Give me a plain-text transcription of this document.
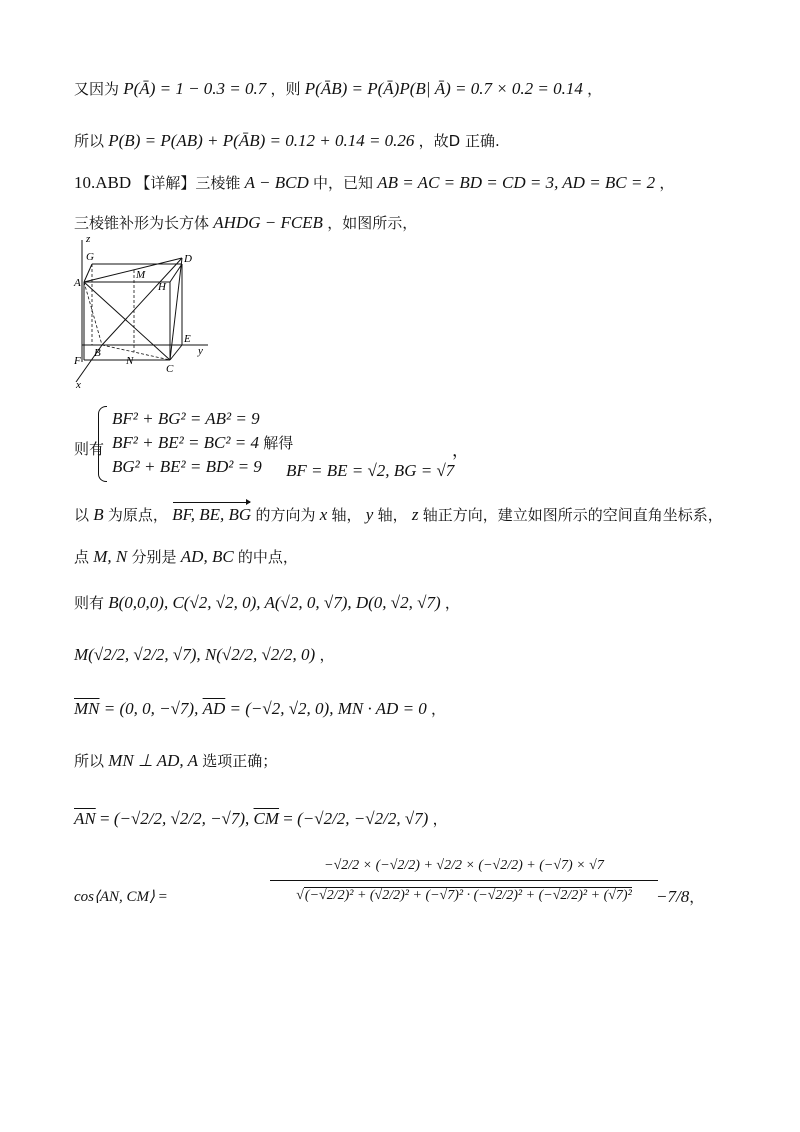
又因为 P(Ā) = 1 − 0.3 = 0.7 ，则 P(ĀB) = P(Ā)P(B| Ā) = 0.7 × 0.2 = 0.14 ，
所以 P(B) = P(AB) + P(ĀB) = 0.12 + 0.14 = 0.26 ，故D 正确.
10.ABD 【详解】三棱锥 A − BCD 中，已知 AB = AC = BD = CD = 3, AD = BC = 2 ，
三棱锥补形为长方体 AHDG − FCEB ，如图所示，
z
G
M
D
A	H
E
y
F
B
N
C
x
则有
BF² + BG² = AB² = 9
BF² + BE² = BC² = 4 解得
BG² + BE² = BD² = 9 BF = BE = √2, BG = √7
，
以 B 为原点， BF, BE, BG 的方向为 x 轴， y 轴， z 轴正方向，建立如图所示的空间直角坐标系，
点 M, N 分别是 AD, BC 的中点，
则有 B(0,0,0), C(√2, √2, 0), A(√2, 0, √7), D(0, √2, √7) ，
M(√2/2, √2/2, √7), N(√2/2, √2/2, 0) ，
$\overline{MN} = (0$, 0, −√7), $\overline{AD} = (-√2$, √2, 0), MN · AD = 0 ，
所以 MN ⊥ AD, A 选项正确；
$\overline{AN} = (-√2/2$, √2/2, −√7), $\overline{CM} = (-√2/2$, −√2/2, √7) ，
cos⟨AN, CM⟩ =	$\frac{-√2/2 \times (-√2/2) + √2/2 \times (-√2/2) + (-√7) \times √7}{\text{√(−√2/2)² + (√2/2)² + (−√7)² · (−√2/2)² + (−√2/2)² + (√7)²}}$
−7/8，
